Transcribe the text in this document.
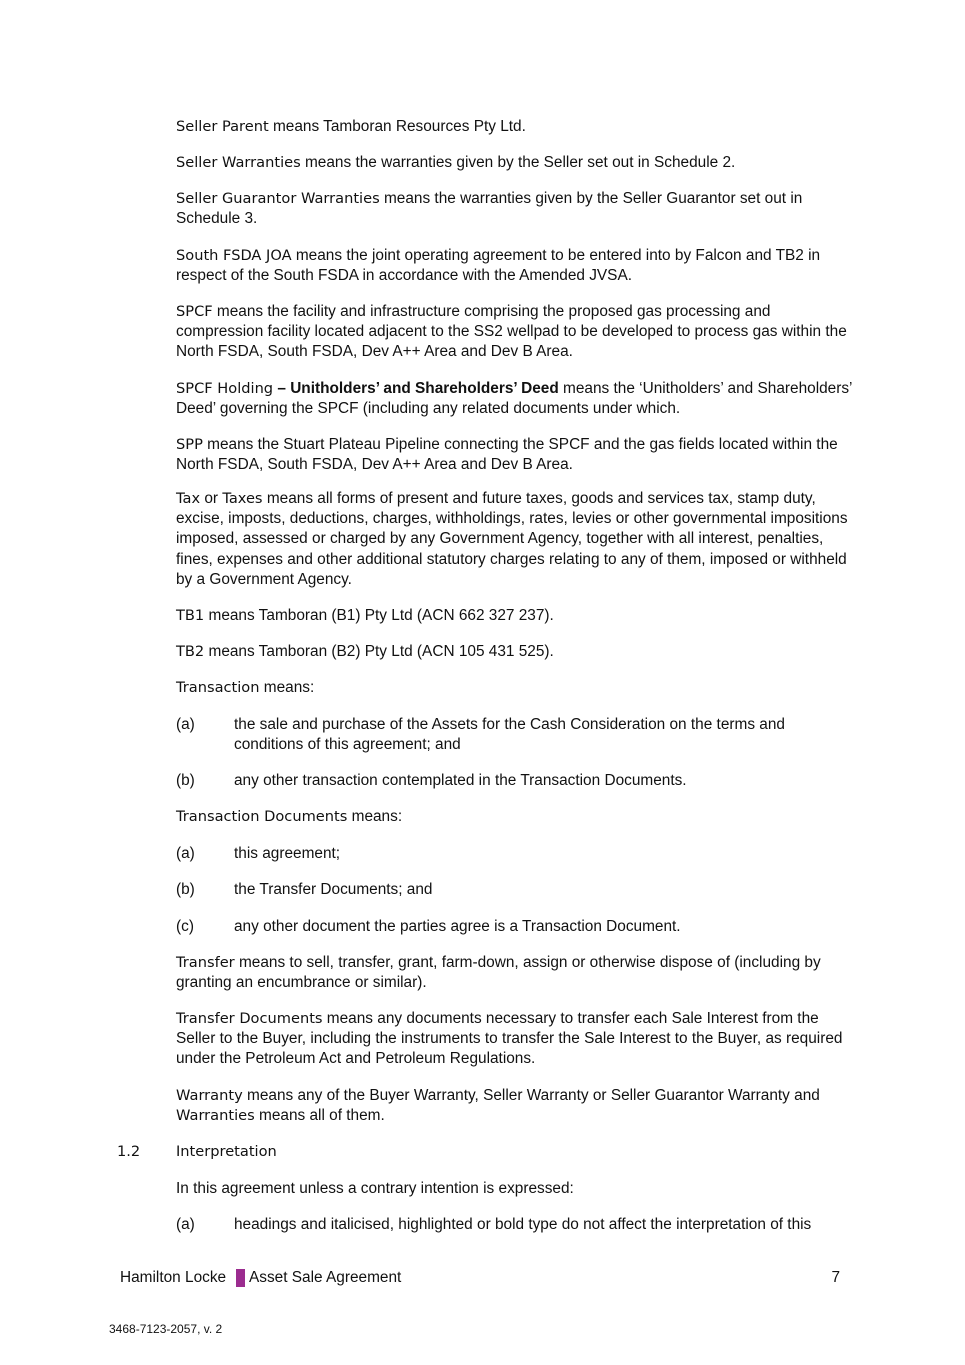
Seller Parent means Tamboran Resources Pty Ltd.

Seller Warranties means the warranties given by the Seller set out in Schedule 2.

Seller Guarantor Warranties means the warranties given by the Seller Guarantor set out in Schedule 3.

South FSDA JOA means the joint operating agreement to be entered into by Falcon and TB2 in respect of the South FSDA in accordance with the Amended JVSA.

SPCF means the facility and infrastructure comprising the proposed gas processing and compression facility located adjacent to the SS2 wellpad to be developed to process gas within the North FSDA, South FSDA, Dev A++ Area and Dev B Area.

SPCF Holding – Unitholders’ and Shareholders’ Deed means the ‘Unitholders’ and Shareholders’ Deed’ governing the SPCF (including any related documents under which.

SPP means the Stuart Plateau Pipeline connecting the SPCF and the gas fields located within the North FSDA, South FSDA, Dev A++ Area and Dev B Area.

Tax or Taxes means all forms of present and future taxes, goods and services tax, stamp duty, excise, imposts, deductions, charges, withholdings, rates, levies or other governmental impositions imposed, assessed or charged by any Government Agency, together with all interest, penalties, fines, expenses and other additional statutory charges relating to any of them, imposed or withheld by a Government Agency.

TB1 means Tamboran (B1) Pty Ltd (ACN 662 327 237).

TB2 means Tamboran (B2) Pty Ltd (ACN 105 431 525).

Transaction means:

(a)	the sale and purchase of the Assets for the Cash Consideration on the terms and conditions of this agreement; and
(b)	any other transaction contemplated in the Transaction Documents.

Transaction Documents means:

(a)	this agreement;
(b)	the Transfer Documents; and
(c)	any other document the parties agree is a Transaction Document.

Transfer means to sell, transfer, grant, farm-down, assign or otherwise dispose of (including by granting an encumbrance or similar).

Transfer Documents means any documents necessary to transfer each Sale Interest from the Seller to the Buyer, including the instruments to transfer the Sale Interest to the Buyer, as required under the Petroleum Act and Petroleum Regulations.

Warranty means any of the Buyer Warranty, Seller Warranty or Seller Guarantor Warranty and Warranties means all of them.

1.2 Interpretation

In this agreement unless a contrary intention is expressed:

(a)	headings and italicised, highlighted or bold type do not affect the interpretation of this
Hamilton Locke Asset Sale Agreement	7
3468-7123-2057, v. 2
